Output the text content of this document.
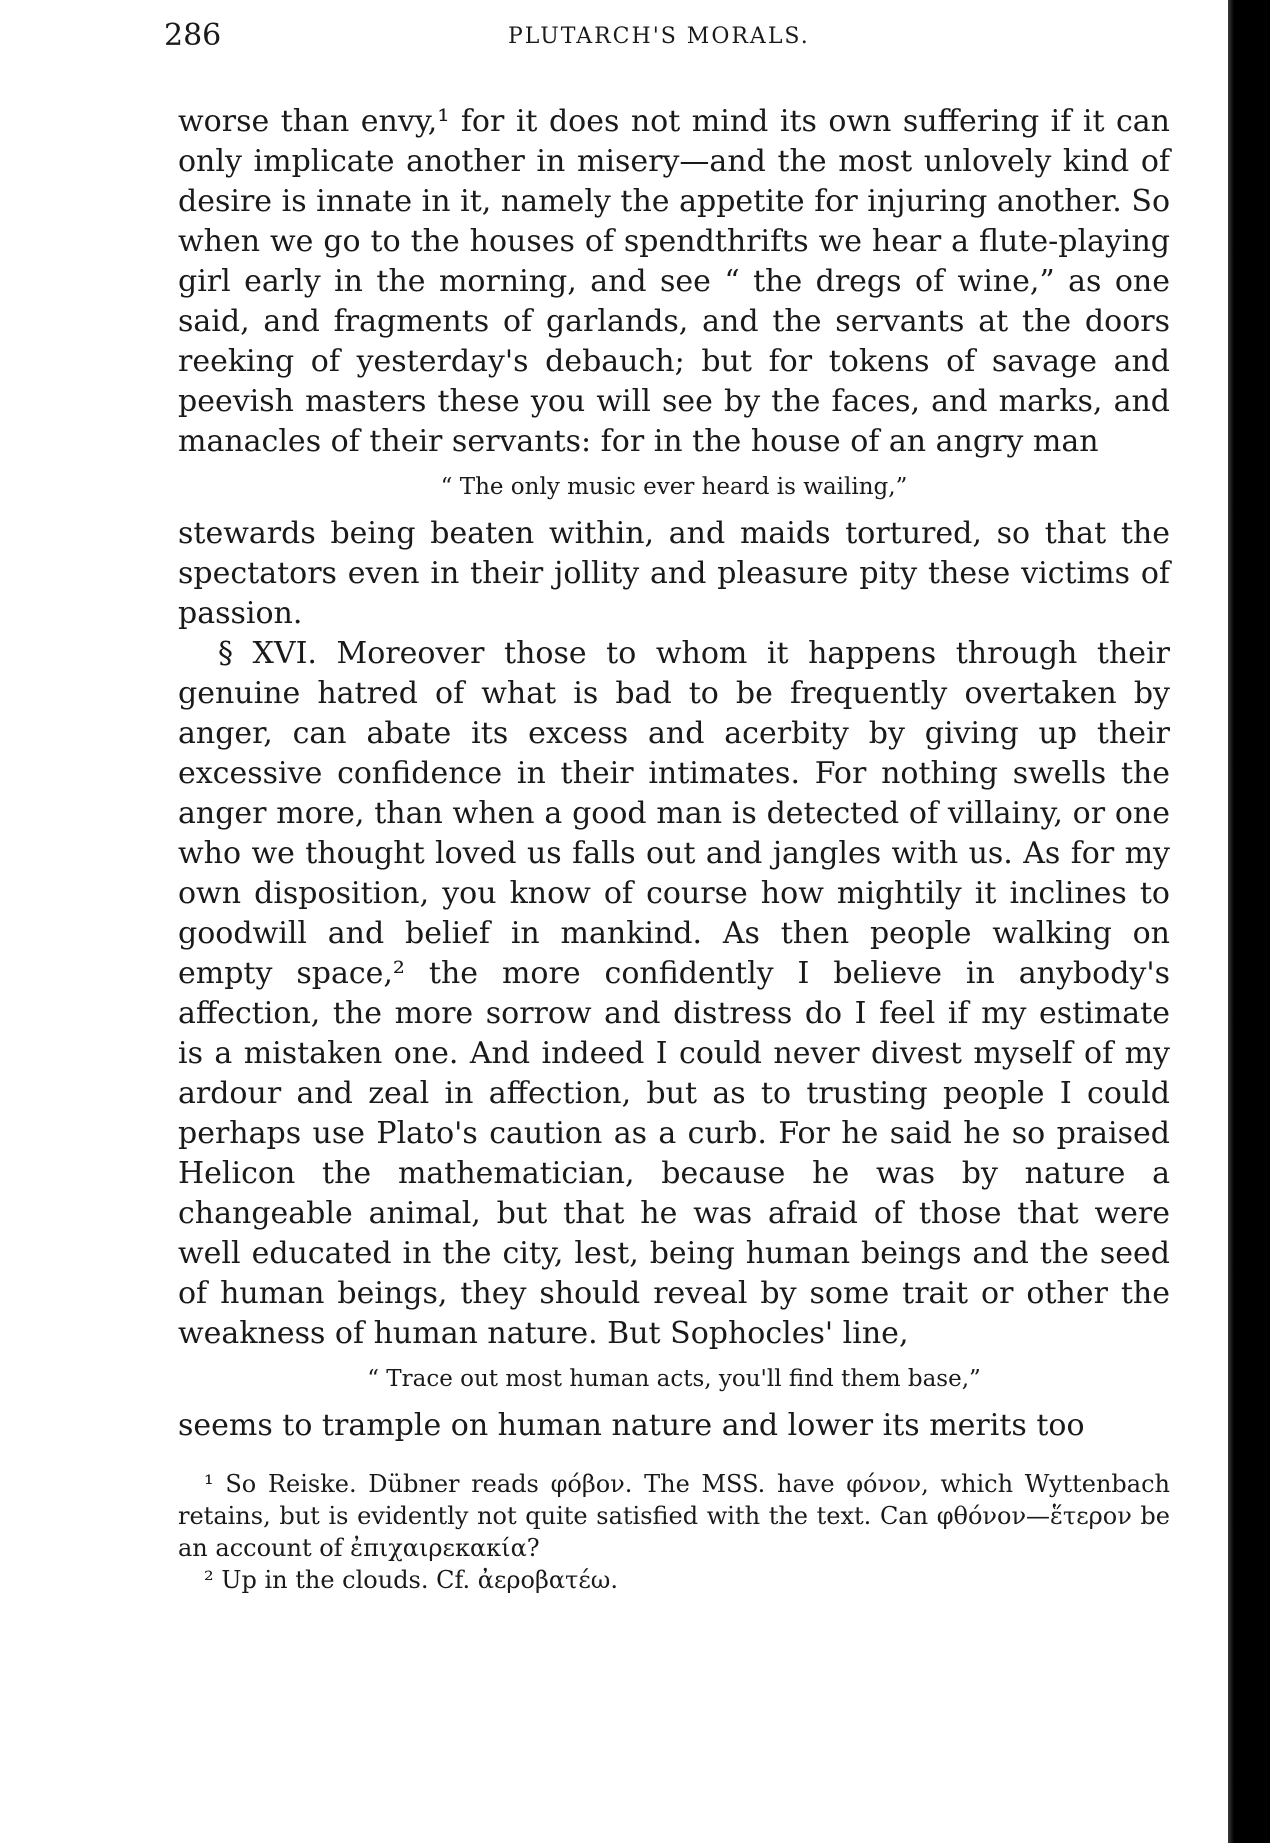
286	PLUTARCH'S MORALS.

worse than envy,¹ for it does not mind its own suffering if it can only implicate another in misery—and the most unlovely kind of desire is innate in it, namely the appetite for injuring another. So when we go to the houses of spendthrifts we hear a flute-playing girl early in the morning, and see “ the dregs of wine,” as one said, and fragments of garlands, and the servants at the doors reeking of yesterday's debauch; but for tokens of savage and peevish masters these you will see by the faces, and marks, and manacles of their servants: for in the house of an angry man

“ The only music ever heard is wailing,”

stewards being beaten within, and maids tortured, so that the spectators even in their jollity and pleasure pity these victims of passion.

§ XVI. Moreover those to whom it happens through their genuine hatred of what is bad to be frequently overtaken by anger, can abate its excess and acerbity by giving up their excessive confidence in their intimates. For nothing swells the anger more, than when a good man is detected of villainy, or one who we thought loved us falls out and jangles with us. As for my own disposition, you know of course how mightily it inclines to goodwill and belief in mankind. As then people walking on empty space,² the more confidently I believe in anybody's affection, the more sorrow and distress do I feel if my estimate is a mistaken one. And indeed I could never divest myself of my ardour and zeal in affection, but as to trusting people I could perhaps use Plato's caution as a curb. For he said he so praised Helicon the mathematician, because he was by nature a changeable animal, but that he was afraid of those that were well educated in the city, lest, being human beings and the seed of human beings, they should reveal by some trait or other the weakness of human nature. But Sophocles' line,

“ Trace out most human acts, you'll find them base,”

seems to trample on human nature and lower its merits too

¹ So Reiske. Dübner reads φόβον. The MSS. have φόνον, which Wyttenbach retains, but is evidently not quite satisfied with the text. Can φθόνον—ἕτερον be an account of ἐπιχαιρεκακία?

² Up in the clouds. Cf. ἀεροβατέω.
